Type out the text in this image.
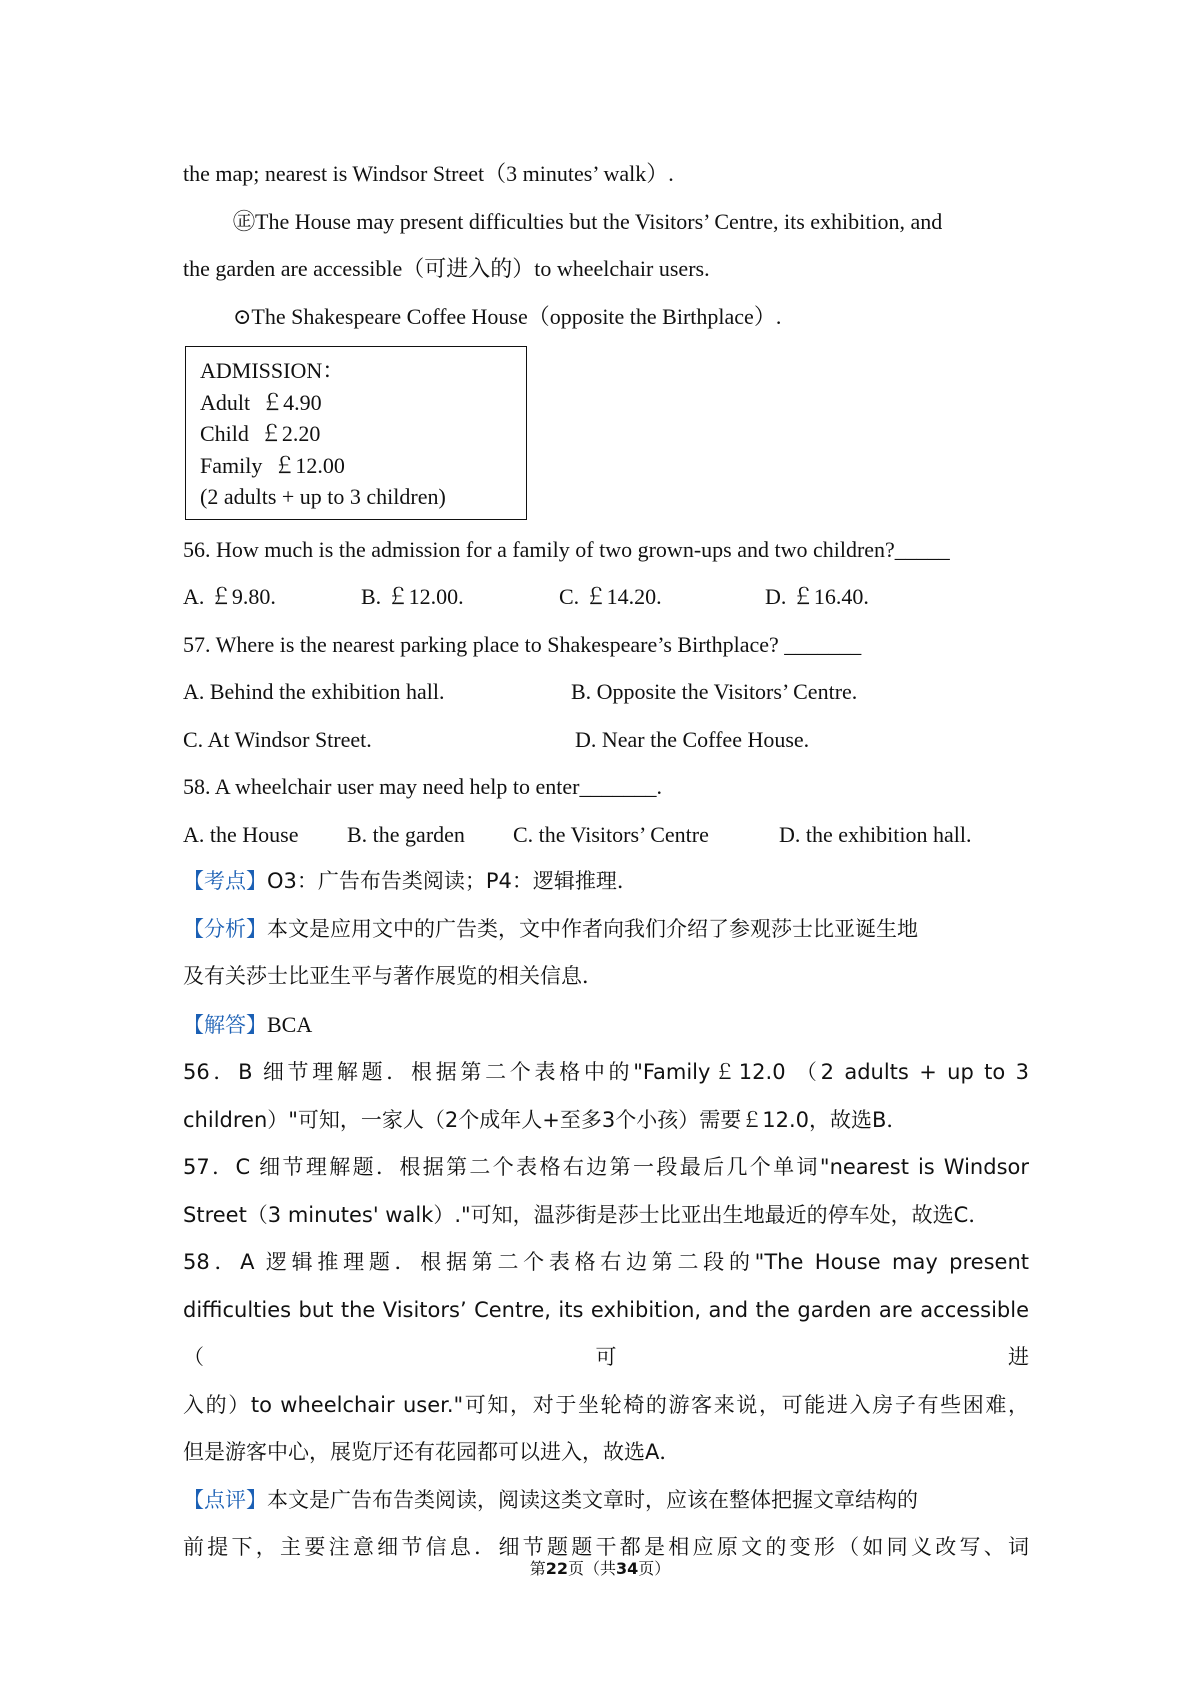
the map; nearest is Windsor Street（3 minutes’ walk）.
㊣The House may present difficulties but the Visitors’ Centre, its exhibition, and
the garden are accessible（可进入的）to wheelchair users.
⊙The Shakespeare Coffee House（opposite the Birthplace）.
ADMISSION：
Adult  ￡4.90
Child  ￡2.20
Family  ￡12.00
(2 adults + up to 3 children)
56. How much is the admission for a family of two grown-ups and two children?_____
A. ￡9.80.	B. ￡12.00.	C. ￡14.20.	D. ￡16.40.
57. Where is the nearest parking place to Shakespeare’s Birthplace? _______
A. Behind the exhibition hall.	B. Opposite the Visitors’ Centre.
C. At Windsor Street.	D. Near the Coffee House.
58. A wheelchair user may need help to enter_______.
A. the House	B. the garden	C. the Visitors’ Centre	D. the exhibition hall.
【考点】O3：广告布告类阅读；P4：逻辑推理．
【分析】本文是应用文中的广告类，文中作者向我们介绍了参观莎士比亚诞生地
及有关莎士比亚生平与著作展览的相关信息．
【解答】BCA
56．B 细节理解题．根据第二个表格中的"Family￡12.0 （2 adults + up to 3
children）"可知，一家人（2个成年人+至多3个小孩）需要￡12.0，故选B．
57．C 细节理解题．根据第二个表格右边第一段最后几个单词"nearest is Windsor
Street（3 minutes' walk）."可知，温莎街是莎士比亚出生地最近的停车处，故选C．
58．A 逻辑推理题．根据第二个表格右边第二段的"The House may present
difficulties but the Visitors’ Centre, its exhibition, and the garden are accessible（可进
入的）to wheelchair user."可知，对于坐轮椅的游客来说，可能进入房子有些困难，
但是游客中心，展览厅还有花园都可以进入，故选A．
【点评】本文是广告布告类阅读，阅读这类文章时，应该在整体把握文章结构的
前提下，主要注意细节信息．细节题题干都是相应原文的变形（如同义改写、词
第22页（共34页）
